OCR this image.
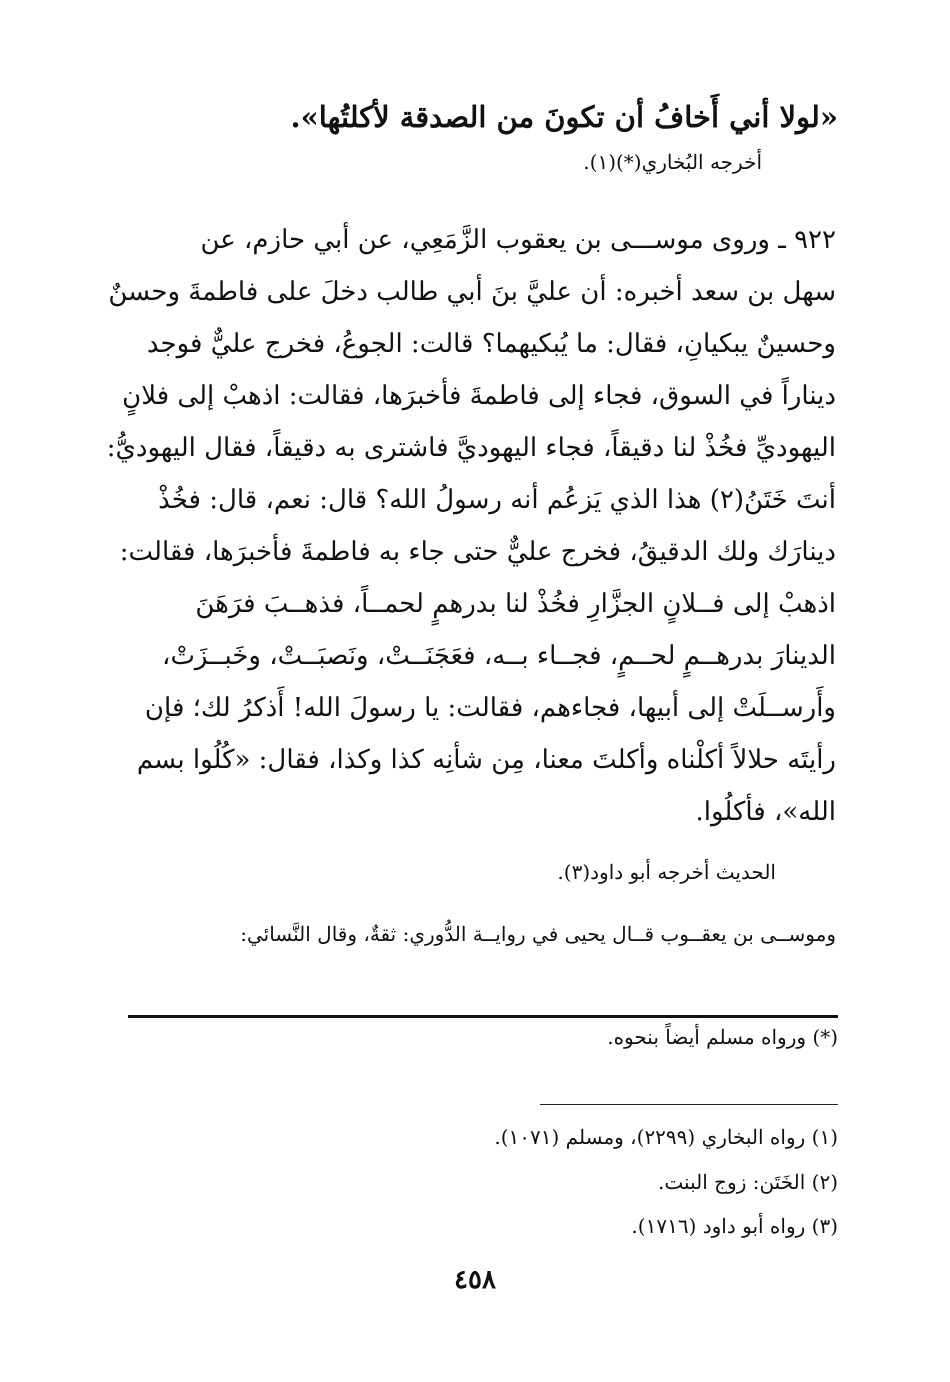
«لولا أني أَخافُ أن تكونَ من الصدقة لأكلتُها».
أخرجه البُخاري(*)(١).
٩٢٢ ـ وروى موســـى بن يعقوب الزَّمَعِي، عن أبي حازم، عن
سهل بن سعد أخبره: أن عليَّ بنَ أبي طالب دخلَ على فاطمةَ وحسنٌ
وحسينٌ يبكيانِ، فقال: ما يُبكيهما؟ قالت: الجوعُ، فخرج عليٌّ فوجد
ديناراً في السوق، فجاء إلى فاطمةَ فأخبرَها، فقالت: اذهبْ إلى فلانٍ
اليهوديِّ فخُذْ لنا دقيقاً، فجاء اليهوديَّ فاشترى به دقيقاً، فقال اليهوديُّ:
أنتَ خَتَنُ(٢) هذا الذي يَزعُم أنه رسولُ الله؟ قال: نعم، قال: فخُذْ
دينارَك ولك الدقيقُ، فخرج عليٌّ حتى جاء به فاطمةَ فأخبرَها، فقالت:
اذهبْ إلى فــلانٍ الجزَّارِ فخُذْ لنا بدرهمٍ لحمــاً، فذهــبَ فرَهَنَ
الدينارَ بدرهــمٍ لحــمٍ، فجــاء بــه، فعَجَنَــتْ، ونَصبَــتْ، وخَبــزَتْ،
وأَرســلَتْ إلى أبيها، فجاءهم، فقالت: يا رسولَ الله! أَذكرُ لك؛ فإن
رأيتَه حلالاً أكلْناه وأكلتَ معنا، مِن شأنِه كذا وكذا، فقال: «كُلُوا بسم
الله»، فأكلُوا.
الحديث أخرجه أبو داود(٣).
وموســى بن يعقــوب قــال يحيى في روايــة الدُّوري: ثقةٌ، وقال النَّسائي:
(*) ورواه مسلم أيضاً بنحوه.
(١) رواه البخاري (٢٢٩٩)، ومسلم (١٠٧١).
(٢) الخَتَن: زوج البنت.
(٣) رواه أبو داود (١٧١٦).
٤٥٨
